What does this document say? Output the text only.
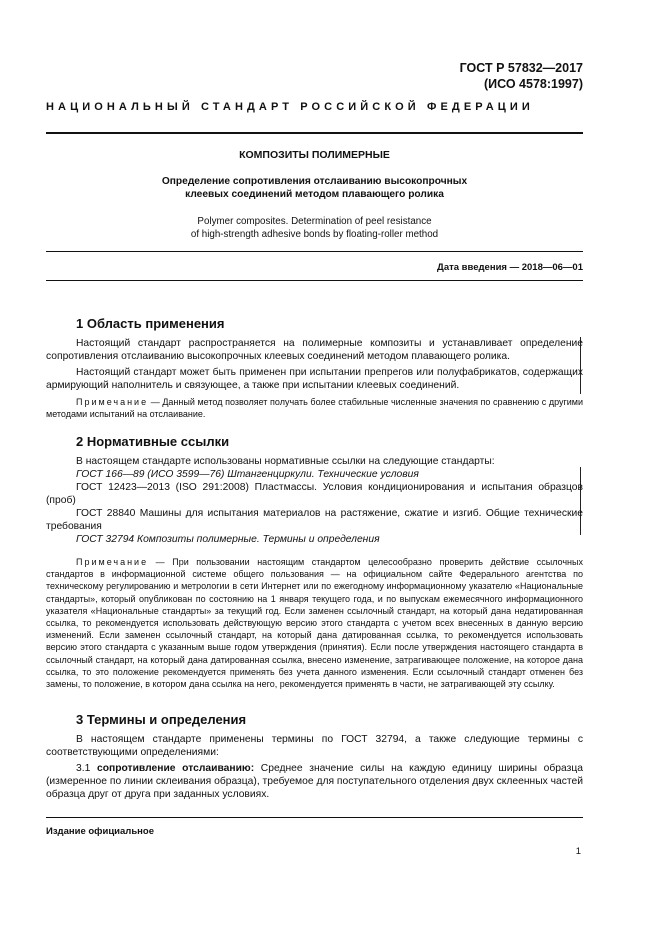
ГОСТ Р 57832—2017
(ИСО 4578:1997)
НАЦИОНАЛЬНЫЙ СТАНДАРТ РОССИЙСКОЙ ФЕДЕРАЦИИ
КОМПОЗИТЫ ПОЛИМЕРНЫЕ
Определение сопротивления отслаиванию высокопрочных
клеевых соединений методом плавающего ролика
Polymer composites. Determination of peel resistance
of high-strength adhesive bonds by floating-roller method
Дата введения — 2018—06—01
1 Область применения

Настоящий стандарт распространяется на полимерные композиты и устанавливает определение сопротивления отслаиванию высокопрочных клеевых соединений методом плавающего ролика.

Настоящий стандарт может быть применен при испытании препрегов или полуфабрикатов, содержащих армирующий наполнитель и связующее, а также при испытании клеевых соединений.

Примечание — Данный метод позволяет получать более стабильные численные значения по сравнению с другими методами испытаний на отслаивание.

2 Нормативные ссылки

В настоящем стандарте использованы нормативные ссылки на следующие стандарты:

ГОСТ 166—89 (ИСО 3599—76) Штангенциркули. Технические условия

ГОСТ 12423—2013 (ISO 291:2008) Пластмассы. Условия кондиционирования и испытания образцов (проб)

ГОСТ 28840 Машины для испытания материалов на растяжение, сжатие и изгиб. Общие технические требования

ГОСТ 32794 Композиты полимерные. Термины и определения

Примечание — При пользовании настоящим стандартом целесообразно проверить действие ссылочных стандартов в информационной системе общего пользования — на официальном сайте Федерального агентства по техническому регулированию и метрологии в сети Интернет или по ежегодному информационному указателю «Национальные стандарты», который опубликован по состоянию на 1 января текущего года, и по выпускам ежемесячного информационного указателя «Национальные стандарты» за текущий год. Если заменен ссылочный стандарт, на который дана недатированная ссылка, то рекомендуется использовать действующую версию этого стандарта с учетом всех внесенных в данную версию изменений. Если заменен ссылочный стандарт, на который дана датированная ссылка, то рекомендуется использовать версию этого стандарта с указанным выше годом утверждения (принятия). Если после утверждения настоящего стандарта в ссылочный стандарт, на который дана датированная ссылка, внесено изменение, затрагивающее положение, на которое дана ссылка, то это положение рекомендуется применять без учета данного изменения. Если ссылочный стандарт отменен без замены, то положение, в котором дана ссылка на него, рекомендуется применять в части, не затрагивающей эту ссылку.

3 Термины и определения

В настоящем стандарте применены термины по ГОСТ 32794, а также следующие термины с соответствующими определениями:

3.1 сопротивление отслаиванию: Среднее значение силы на каждую единицу ширины образца (измеренное по линии склеивания образца), требуемое для поступательного отделения двух склеенных частей образца друг от друга при заданных условиях.

Издание официальное
1
